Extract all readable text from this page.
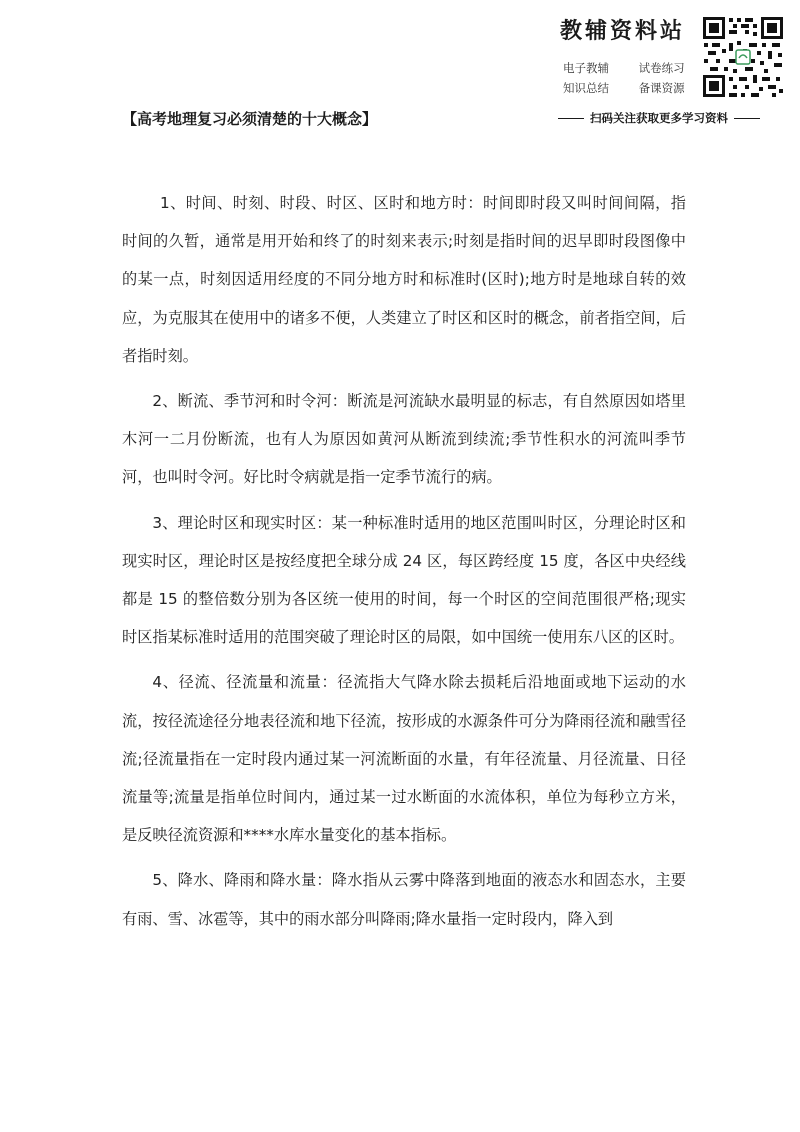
教辅资料站
电子教辅	试卷练习
知识总结	备课资源
【高考地理复习必须清楚的十大概念】	扫码关注获取更多学习资料

1、时间、时刻、时段、时区、区时和地方时：时间即时段又叫时间间隔，指时间的久暂，通常是用开始和终了的时刻来表示;时刻是指时间的迟早即时段图像中的某一点，时刻因适用经度的不同分地方时和标准时(区时);地方时是地球自转的效应，为克服其在使用中的诸多不便，人类建立了时区和区时的概念，前者指空间，后者指时刻。

2、断流、季节河和时令河：断流是河流缺水最明显的标志，有自然原因如塔里木河一二月份断流，也有人为原因如黄河从断流到续流;季节性积水的河流叫季节河，也叫时令河。好比时令病就是指一定季节流行的病。

3、理论时区和现实时区：某一种标准时适用的地区范围叫时区，分理论时区和现实时区，理论时区是按经度把全球分成 24 区，每区跨经度 15 度，各区中央经线都是 15 的整倍数分别为各区统一使用的时间，每一个时区的空间范围很严格;现实时区指某标准时适用的范围突破了理论时区的局限，如中国统一使用东八区的区时。

4、径流、径流量和流量：径流指大气降水除去损耗后沿地面或地下运动的水流，按径流途径分地表径流和地下径流，按形成的水源条件可分为降雨径流和融雪径流;径流量指在一定时段内通过某一河流断面的水量，有年径流量、月径流量、日径流量等;流量是指单位时间内，通过某一过水断面的水流体积，单位为每秒立方米，是反映径流资源和****水库水量变化的基本指标。

5、降水、降雨和降水量：降水指从云雾中降落到地面的液态水和固态水，主要有雨、雪、冰雹等，其中的雨水部分叫降雨;降水量指一定时段内，降入到
